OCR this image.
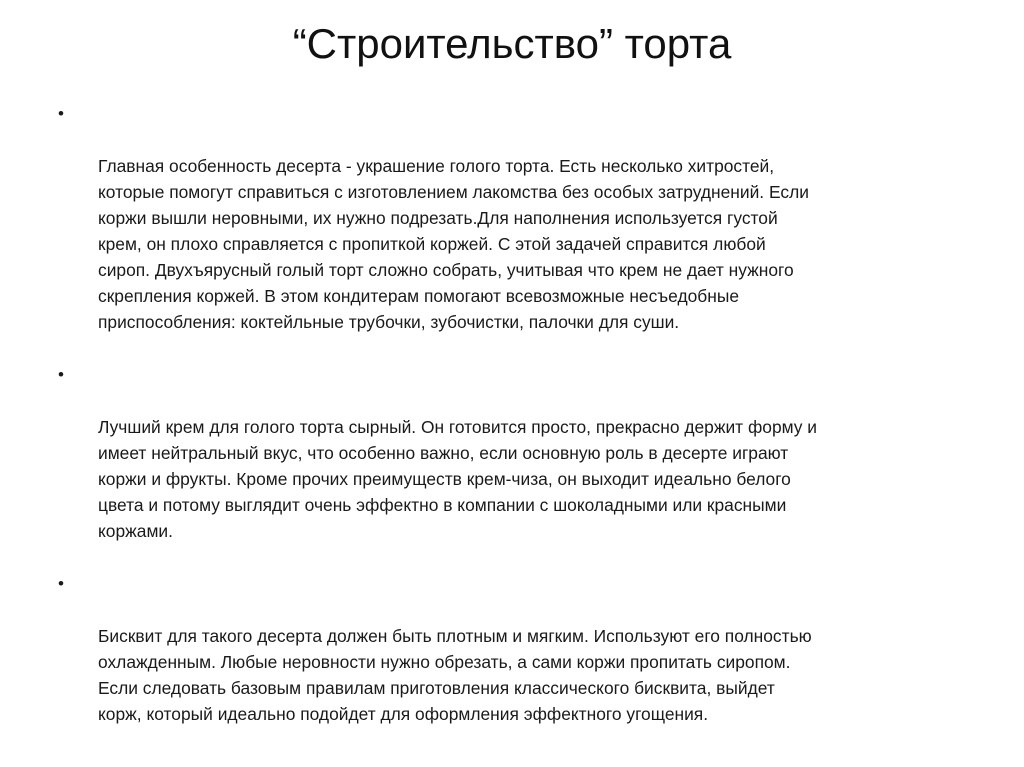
“Строительство” торта

•

Главная особенность десерта - украшение голого торта. Есть несколько хитростей,
которые помогут справиться с изготовлением лакомства без особых затруднений. Если
коржи вышли неровными, их нужно подрезать.Для наполнения используется густой
крем, он плохо справляется с пропиткой коржей. С этой задачей справится любой
сироп. Двухъярусный голый торт сложно собрать, учитывая что крем не дает нужного
скрепления коржей. В этом кондитерам помогают всевозможные несъедобные
приспособления: коктейльные трубочки, зубочистки, палочки для суши.

•

Лучший крем для голого торта сырный. Он готовится просто, прекрасно держит форму и
имеет нейтральный вкус, что особенно важно, если основную роль в десерте играют
коржи и фрукты. Кроме прочих преимуществ крем-чиза, он выходит идеально белого
цвета и потому выглядит очень эффектно в компании с шоколадными или красными
коржами.

•

Бисквит для такого десерта должен быть плотным и мягким. Используют его полностью
охлажденным. Любые неровности нужно обрезать, а сами коржи пропитать сиропом.
Если следовать базовым правилам приготовления классического бисквита, выйдет
корж, который идеально подойдет для оформления эффектного угощения.
